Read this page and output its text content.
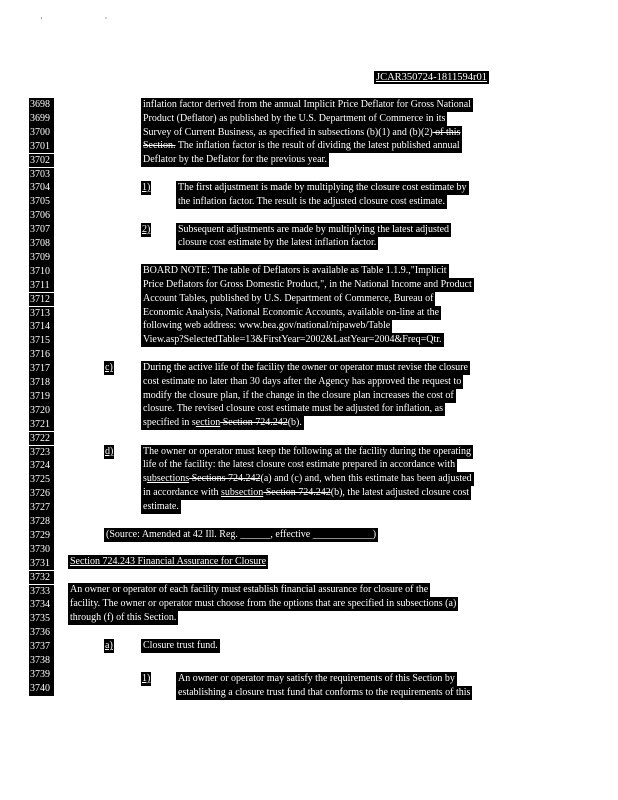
· ·
JCAR350724-1811594r01
3698
3699
3700
3701
3702
3703
3704
3705
3706
3707
3708
3709
3710
3711
3712
3713
3714
3715
3716
3717
3718
3719
3720
3721
3722
3723
3724
3725
3726
3727
3728
3729
3730
3731
3732
3733
3734
3735
3736
3737
3738
3739
3740
inflation factor derived from the annual Implicit Price Deflator for Gross National
Product (Deflator) as published by the U.S. Department of Commerce in its
Survey of Current Business, as specified in subsections (b)(1) and (b)(2) of this
Section. The inflation factor is the result of dividing the latest published annual
Deflator by the Deflator for the previous year.
1)	The first adjustment is made by multiplying the closure cost estimate by
the inflation factor. The result is the adjusted closure cost estimate.
2)	Subsequent adjustments are made by multiplying the latest adjusted
closure cost estimate by the latest inflation factor.
BOARD NOTE: The table of Deflators is available as Table 1.1.9.,"Implicit
Price Deflators for Gross Domestic Product,", in the National Income and Product
Account Tables, published by U.S. Department of Commerce, Bureau of
Economic Analysis, National Economic Accounts, available on-line at the
following web address: www.bea.gov/national/nipaweb/Table
View.asp?SelectedTable=13&FirstYear=2002&LastYear=2004&Freq=Qtr.
c)	During the active life of the facility the owner or operator must revise the closure
cost estimate no later than 30 days after the Agency has approved the request to
modify the closure plan, if the change in the closure plan increases the cost of
closure. The revised closure cost estimate must be adjusted for inflation, as
specified in section Section 724.242(b).
d)	The owner or operator must keep the following at the facility during the operating
life of the facility: the latest closure cost estimate prepared in accordance with
subsections Sections 724.242(a) and (c) and, when this estimate has been adjusted
in accordance with subsection Section 724.242(b), the latest adjusted closure cost
estimate.
(Source: Amended at 42 Ill. Reg. ______, effective ____________)
Section 724.243 Financial Assurance for Closure
An owner or operator of each facility must establish financial assurance for closure of the
facility. The owner or operator must choose from the options that are specified in subsections (a)
through (f) of this Section.
a)	Closure trust fund.
1)	An owner or operator may satisfy the requirements of this Section by
establishing a closure trust fund that conforms to the requirements of this
